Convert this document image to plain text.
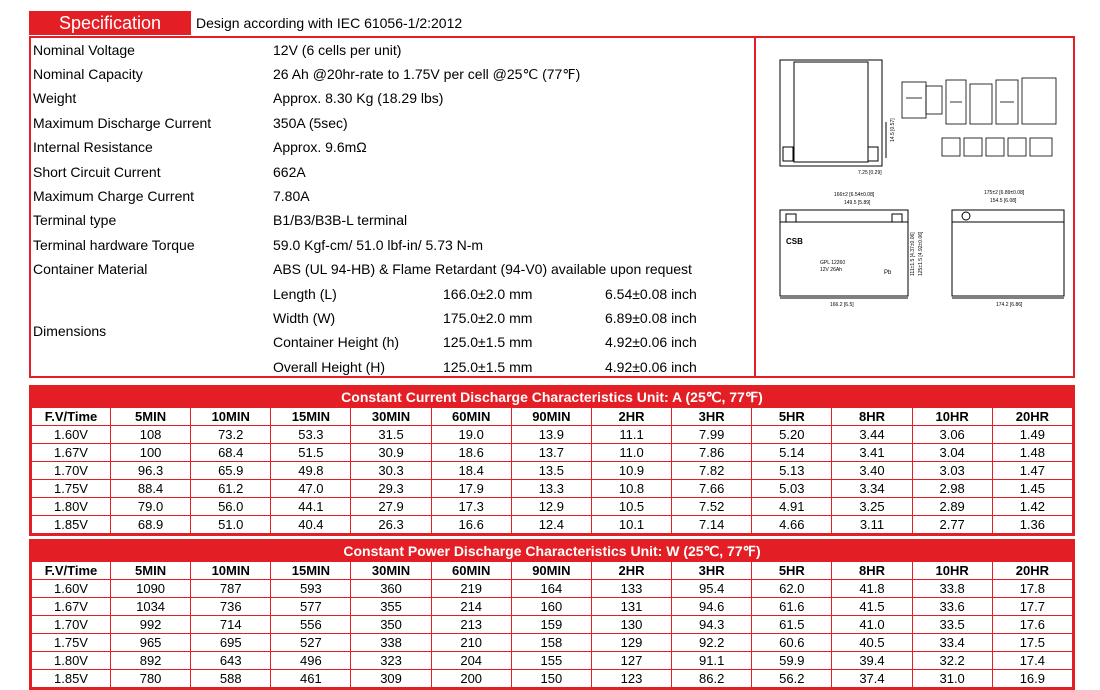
Specification	Design according with IEC 61056-1/2:2012
Nominal Voltage	12V (6 cells per unit)
Nominal Capacity	26 Ah @20hr-rate to 1.75V per cell @25℃ (77℉)
Weight	Approx. 8.30 Kg (18.29 lbs)
Maximum Discharge Current	350A (5sec)
Internal Resistance	Approx. 9.6mΩ
Short Circuit Current	662A
Maximum Charge Current	7.80A
Terminal type	B1/B3/B3B-L terminal
Terminal hardware Torque	59.0 Kgf-cm/ 51.0 lbf-in/ 5.73 N-m
Container Material	ABS (UL 94-HB) & Flame Retardant (94-V0) available upon request
Dimensions
Length (L)	166.0±2.0 mm	6.54±0.08 inch
Width (W)	175.0±2.0 mm	6.89±0.08 inch
Container Height (h)	125.0±1.5 mm	4.92±0.06 inch
Overall Height (H)	125.0±1.5 mm	4.92±0.06 inch
7.25 [0.29]
14.5 [0.57]
166±2 [6.54±0.08]
149.5 [5.89]
CSB
GPL 12260
12V 26Ah	Pb
166.2 [6.5]
125±1.5 [4.92±0.06]
111±1.5 [4.37±0.06]
175±2 [6.89±0.08]
154.5 [6.08]
174.2 [6.86]
Constant Current Discharge Characteristics Unit: A (25℃, 77℉)
F.V/Time	5MIN	10MIN	15MIN	30MIN	60MIN	90MIN	2HR	3HR	5HR	8HR	10HR	20HR
1.60V	108	73.2	53.3	31.5	19.0	13.9	11.1	7.99	5.20	3.44	3.06	1.49
1.67V	100	68.4	51.5	30.9	18.6	13.7	11.0	7.86	5.14	3.41	3.04	1.48
1.70V	96.3	65.9	49.8	30.3	18.4	13.5	10.9	7.82	5.13	3.40	3.03	1.47
1.75V	88.4	61.2	47.0	29.3	17.9	13.3	10.8	7.66	5.03	3.34	2.98	1.45
1.80V	79.0	56.0	44.1	27.9	17.3	12.9	10.5	7.52	4.91	3.25	2.89	1.42
1.85V	68.9	51.0	40.4	26.3	16.6	12.4	10.1	7.14	4.66	3.11	2.77	1.36
Constant Power Discharge Characteristics Unit: W (25℃, 77℉)
F.V/Time	5MIN	10MIN	15MIN	30MIN	60MIN	90MIN	2HR	3HR	5HR	8HR	10HR	20HR
1.60V	1090	787	593	360	219	164	133	95.4	62.0	41.8	33.8	17.8
1.67V	1034	736	577	355	214	160	131	94.6	61.6	41.5	33.6	17.7
1.70V	992	714	556	350	213	159	130	94.3	61.5	41.0	33.5	17.6
1.75V	965	695	527	338	210	158	129	92.2	60.6	40.5	33.4	17.5
1.80V	892	643	496	323	204	155	127	91.1	59.9	39.4	32.2	17.4
1.85V	780	588	461	309	200	150	123	86.2	56.2	37.4	31.0	16.9
